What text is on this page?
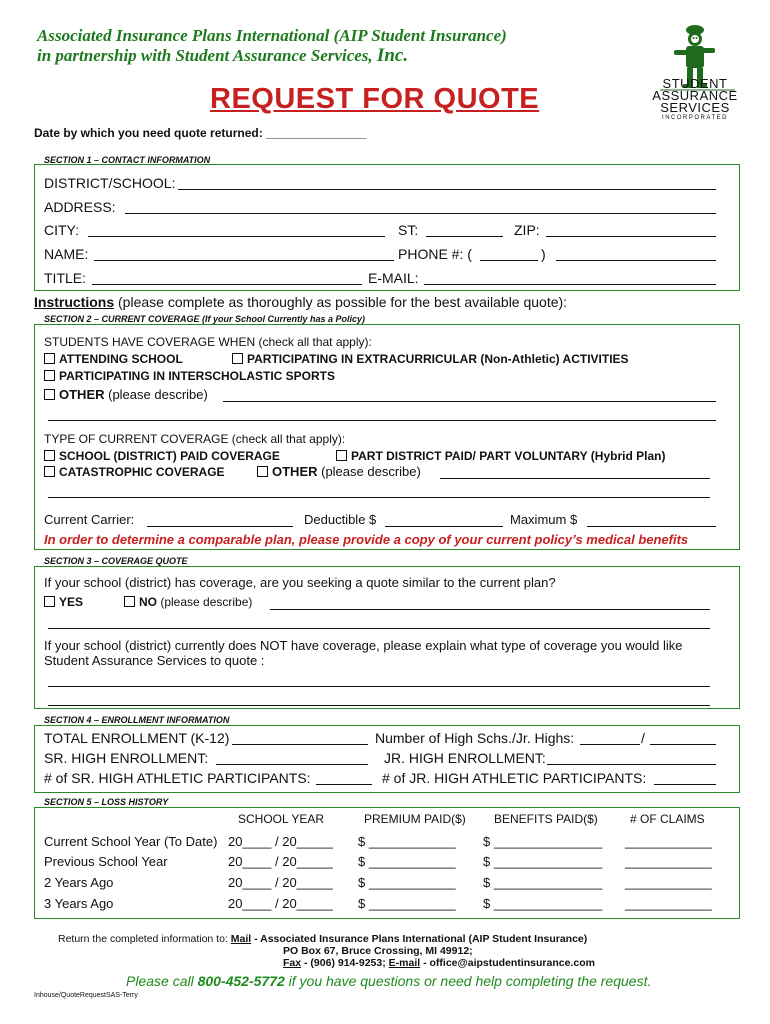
Associated Insurance Plans International (AIP Student Insurance)
in partnership with Student Assurance Services, Inc.
REQUEST FOR QUOTE
Date by which you need quote returned: _______________
STUDENT
ASSURANCE
SERVICES
INCORPORATED
SECTION 1 – CONTACT INFORMATION
DISTRICT/SCHOOL:
ADDRESS:
CITY:	ST:	ZIP:
NAME:	PHONE #: (	)
TITLE:	E-MAIL:
Instructions (please complete as thoroughly as possible for the best available quote):
SECTION 2 – CURRENT COVERAGE (If your School Currently has a Policy)
STUDENTS HAVE COVERAGE WHEN (check all that apply):
ATTENDING SCHOOL	PARTICIPATING IN EXTRACURRICULAR (Non-Athletic) ACTIVITIES
PARTICIPATING IN INTERSCHOLASTIC SPORTS
OTHER (please describe)
TYPE OF CURRENT COVERAGE (check all that apply):
SCHOOL (DISTRICT) PAID COVERAGE	PART DISTRICT PAID/ PART VOLUNTARY (Hybrid Plan)
CATASTROPHIC COVERAGE	OTHER (please describe)
Current Carrier:	Deductible $	Maximum $
In order to determine a comparable plan, please provide a copy of your current policy’s medical benefits
SECTION 3 – COVERAGE QUOTE
If your school (district) has coverage, are you seeking a quote similar to the current plan?
YES	NO (please describe)
If your school (district) currently does NOT have coverage, please explain what type of coverage you would like
Student Assurance Services to quote :
SECTION 4 – ENROLLMENT INFORMATION
TOTAL ENROLLMENT (K-12)	Number of High Schs./Jr. Highs:	/
SR. HIGH ENROLLMENT:	JR. HIGH ENROLLMENT:
# of SR. HIGH ATHLETIC PARTICIPANTS:	# of JR. HIGH ATHLETIC PARTICIPANTS:
SECTION 5 – LOSS HISTORY
SCHOOL YEAR	PREMIUM PAID($) BENEFITS PAID($)	# OF CLAIMS
Current School Year (To Date) 20____ / 20_____ $ ____________ $ _______________ ____________
Previous School Year	20____ / 20_____ $ ____________ $ _______________ ____________
2 Years Ago	20____ / 20_____ $ ____________ $ _______________ ____________
3 Years Ago	20____ / 20_____ $ ____________ $ _______________ ____________
Return the completed information to: Mail - Associated Insurance Plans International (AIP Student Insurance)
PO Box 67, Bruce Crossing, MI 49912;
Fax - (906) 914-9253; E-mail - office@aipstudentinsurance.com
Please call 800-452-5772 if you have questions or need help completing the request.
Inhouse/QuoteRequestSAS-Terry
